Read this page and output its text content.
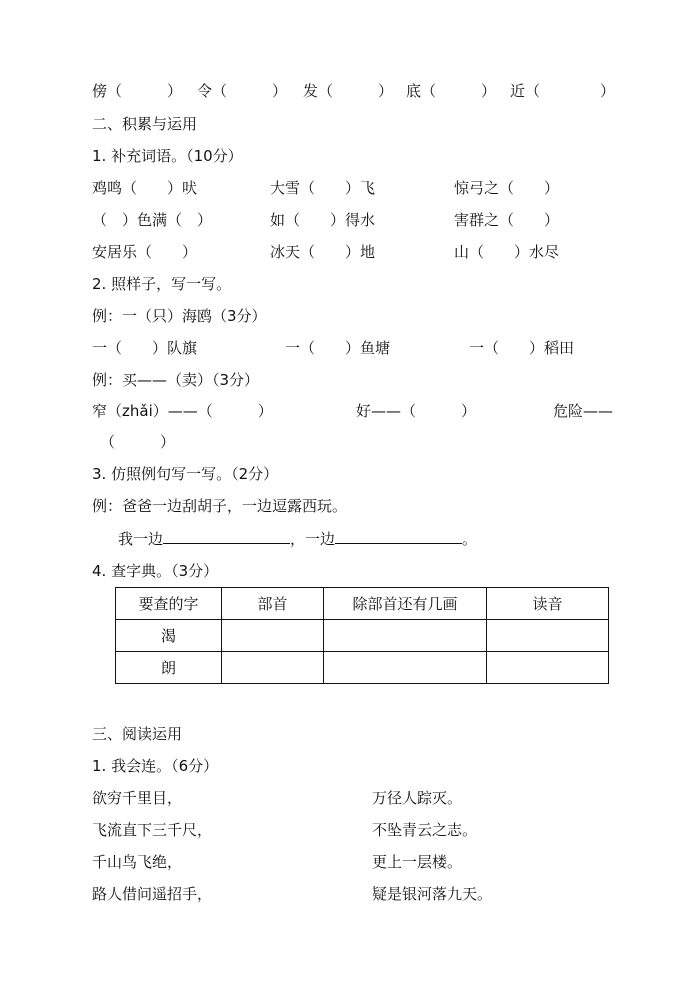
傍（　　　） 令（　　　） 发（　　　） 底（　　　） 近（　　　　）
二、积累与运用
1. 补充词语。（10分）
鸡鸣（　　）吠	大雪（　　）飞	惊弓之（　　）
（　）色满（　）	如（　　）得水	害群之（　　）
安居乐（　　）	冰天（　　）地	山（　　）水尽
2. 照样子，写一写。
例：一（只）海鸥（3分）
一（　　）队旗	一（　　）鱼塘	一（　　）稻田
例：买——（卖）（3分）
窄（zhǎi）——（　　　）	好——（　　　）	危险——
（　　　）
3. 仿照例句写一写。（2分）
例：爸爸一边刮胡子，一边逗露西玩。
我一边	，一边	。
4. 查字典。（3分）
要查的字	部首	除部首还有几画	读音
渴			
朗			
三、阅读运用
1. 我会连。（6分）
欲穷千里目，	万径人踪灭。
飞流直下三千尺，	不坠青云之志。
千山鸟飞绝，	更上一层楼。
路人借问遥招手，	疑是银河落九天。
